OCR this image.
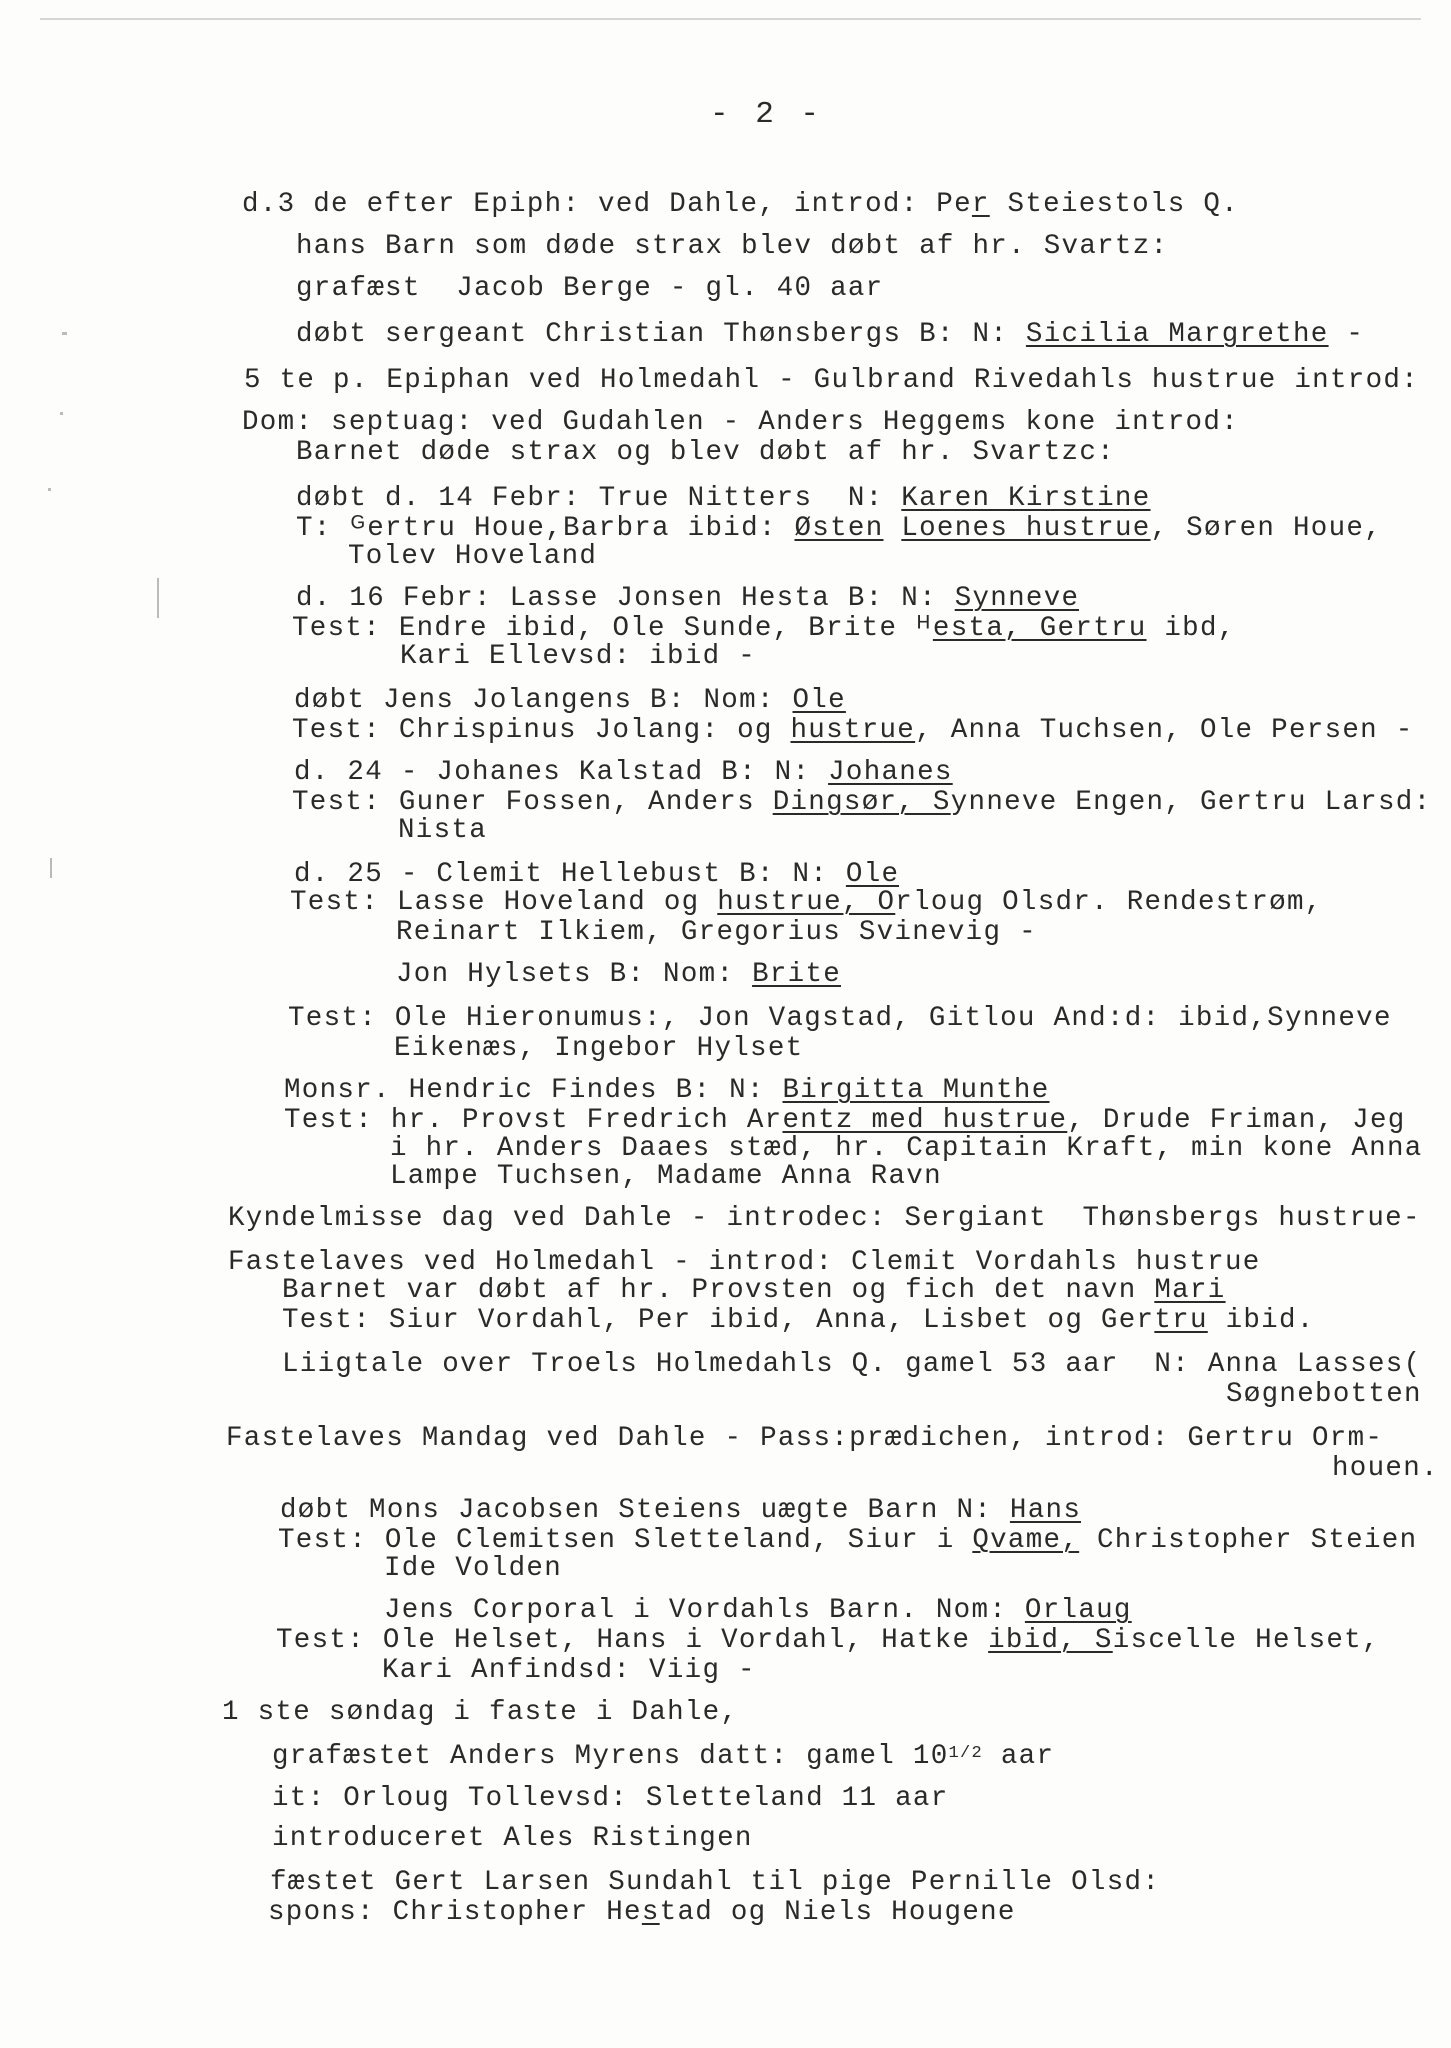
- 2 -
d.3 de efter Epiph: ved Dahle, introd: Per Steiestols Q.
hans Barn som døde strax blev døbt af hr. Svartz:
grafæst  Jacob Berge - gl. 40 aar
døbt sergeant Christian Thønsbergs B: N: Sicilia Margrethe -
5 te p. Epiphan ved Holmedahl - Gulbrand Rivedahls hustrue introd:
Dom: septuag: ved Gudahlen - Anders Heggems kone introd:
Barnet døde strax og blev døbt af hr. Svartzc:
døbt d. 14 Febr: True Nitters  N: Karen Kirstine
T: ᴳertru Houe,Barbra ibid: Østen Loenes hustrue, Søren Houe,
Tolev Hoveland
d. 16 Febr: Lasse Jonsen Hesta B: N: Synneve
Test: Endre ibid, Ole Sunde, Brite ᴴesta, Gertru ibd,
Kari Ellevsd: ibid -
døbt Jens Jolangens B: Nom: Ole
Test: Chrispinus Jolang: og hustrue, Anna Tuchsen, Ole Persen -
d. 24 - Johanes Kalstad B: N: Johanes
Test: Guner Fossen, Anders Dingsør, Synneve Engen, Gertru Larsd:
Nista
d. 25 - Clemit Hellebust B: N: Ole
Test: Lasse Hoveland og hustrue, Orloug Olsdr. Rendestrøm,
Reinart Ilkiem, Gregorius Svinevig -
Jon Hylsets B: Nom: Brite
Test: Ole Hieronumus:, Jon Vagstad, Gitlou And:d: ibid,Synneve
Eikenæs, Ingebor Hylset
Monsr. Hendric Findes B: N: Birgitta Munthe
Test: hr. Provst Fredrich Arentz med hustrue, Drude Friman, Jeg
i hr. Anders Daaes stæd, hr. Capitain Kraft, min kone Anna
Lampe Tuchsen, Madame Anna Ravn
Kyndelmisse dag ved Dahle - introdec: Sergiant  Thønsbergs hustrue-
Fastelaves ved Holmedahl - introd: Clemit Vordahls hustrue
Barnet var døbt af hr. Provsten og fich det navn Mari
Test: Siur Vordahl, Per ibid, Anna, Lisbet og Gertru ibid.
Liigtale over Troels Holmedahls Q. gamel 53 aar  N: Anna Lasses(
Søgnebotten
Fastelaves Mandag ved Dahle - Pass:prædichen, introd: Gertru Orm-
houen.
døbt Mons Jacobsen Steiens uægte Barn N: Hans
Test: Ole Clemitsen Sletteland, Siur i Qvame, Christopher Steien
Ide Volden
Jens Corporal i Vordahls Barn. Nom: Orlaug
Test: Ole Helset, Hans i Vordahl, Hatke ibid, Siscelle Helset,
Kari Anfindsd: Viig -
1 ste søndag i faste i Dahle,
grafæstet Anders Myrens datt: gamel $10^{1/2}$ aar
it: Orloug Tollevsd: Sletteland 11 aar
introduceret Ales Ristingen
fæstet Gert Larsen Sundahl til pige Pernille Olsd:
spons: Christopher Hestad og Niels Hougene
